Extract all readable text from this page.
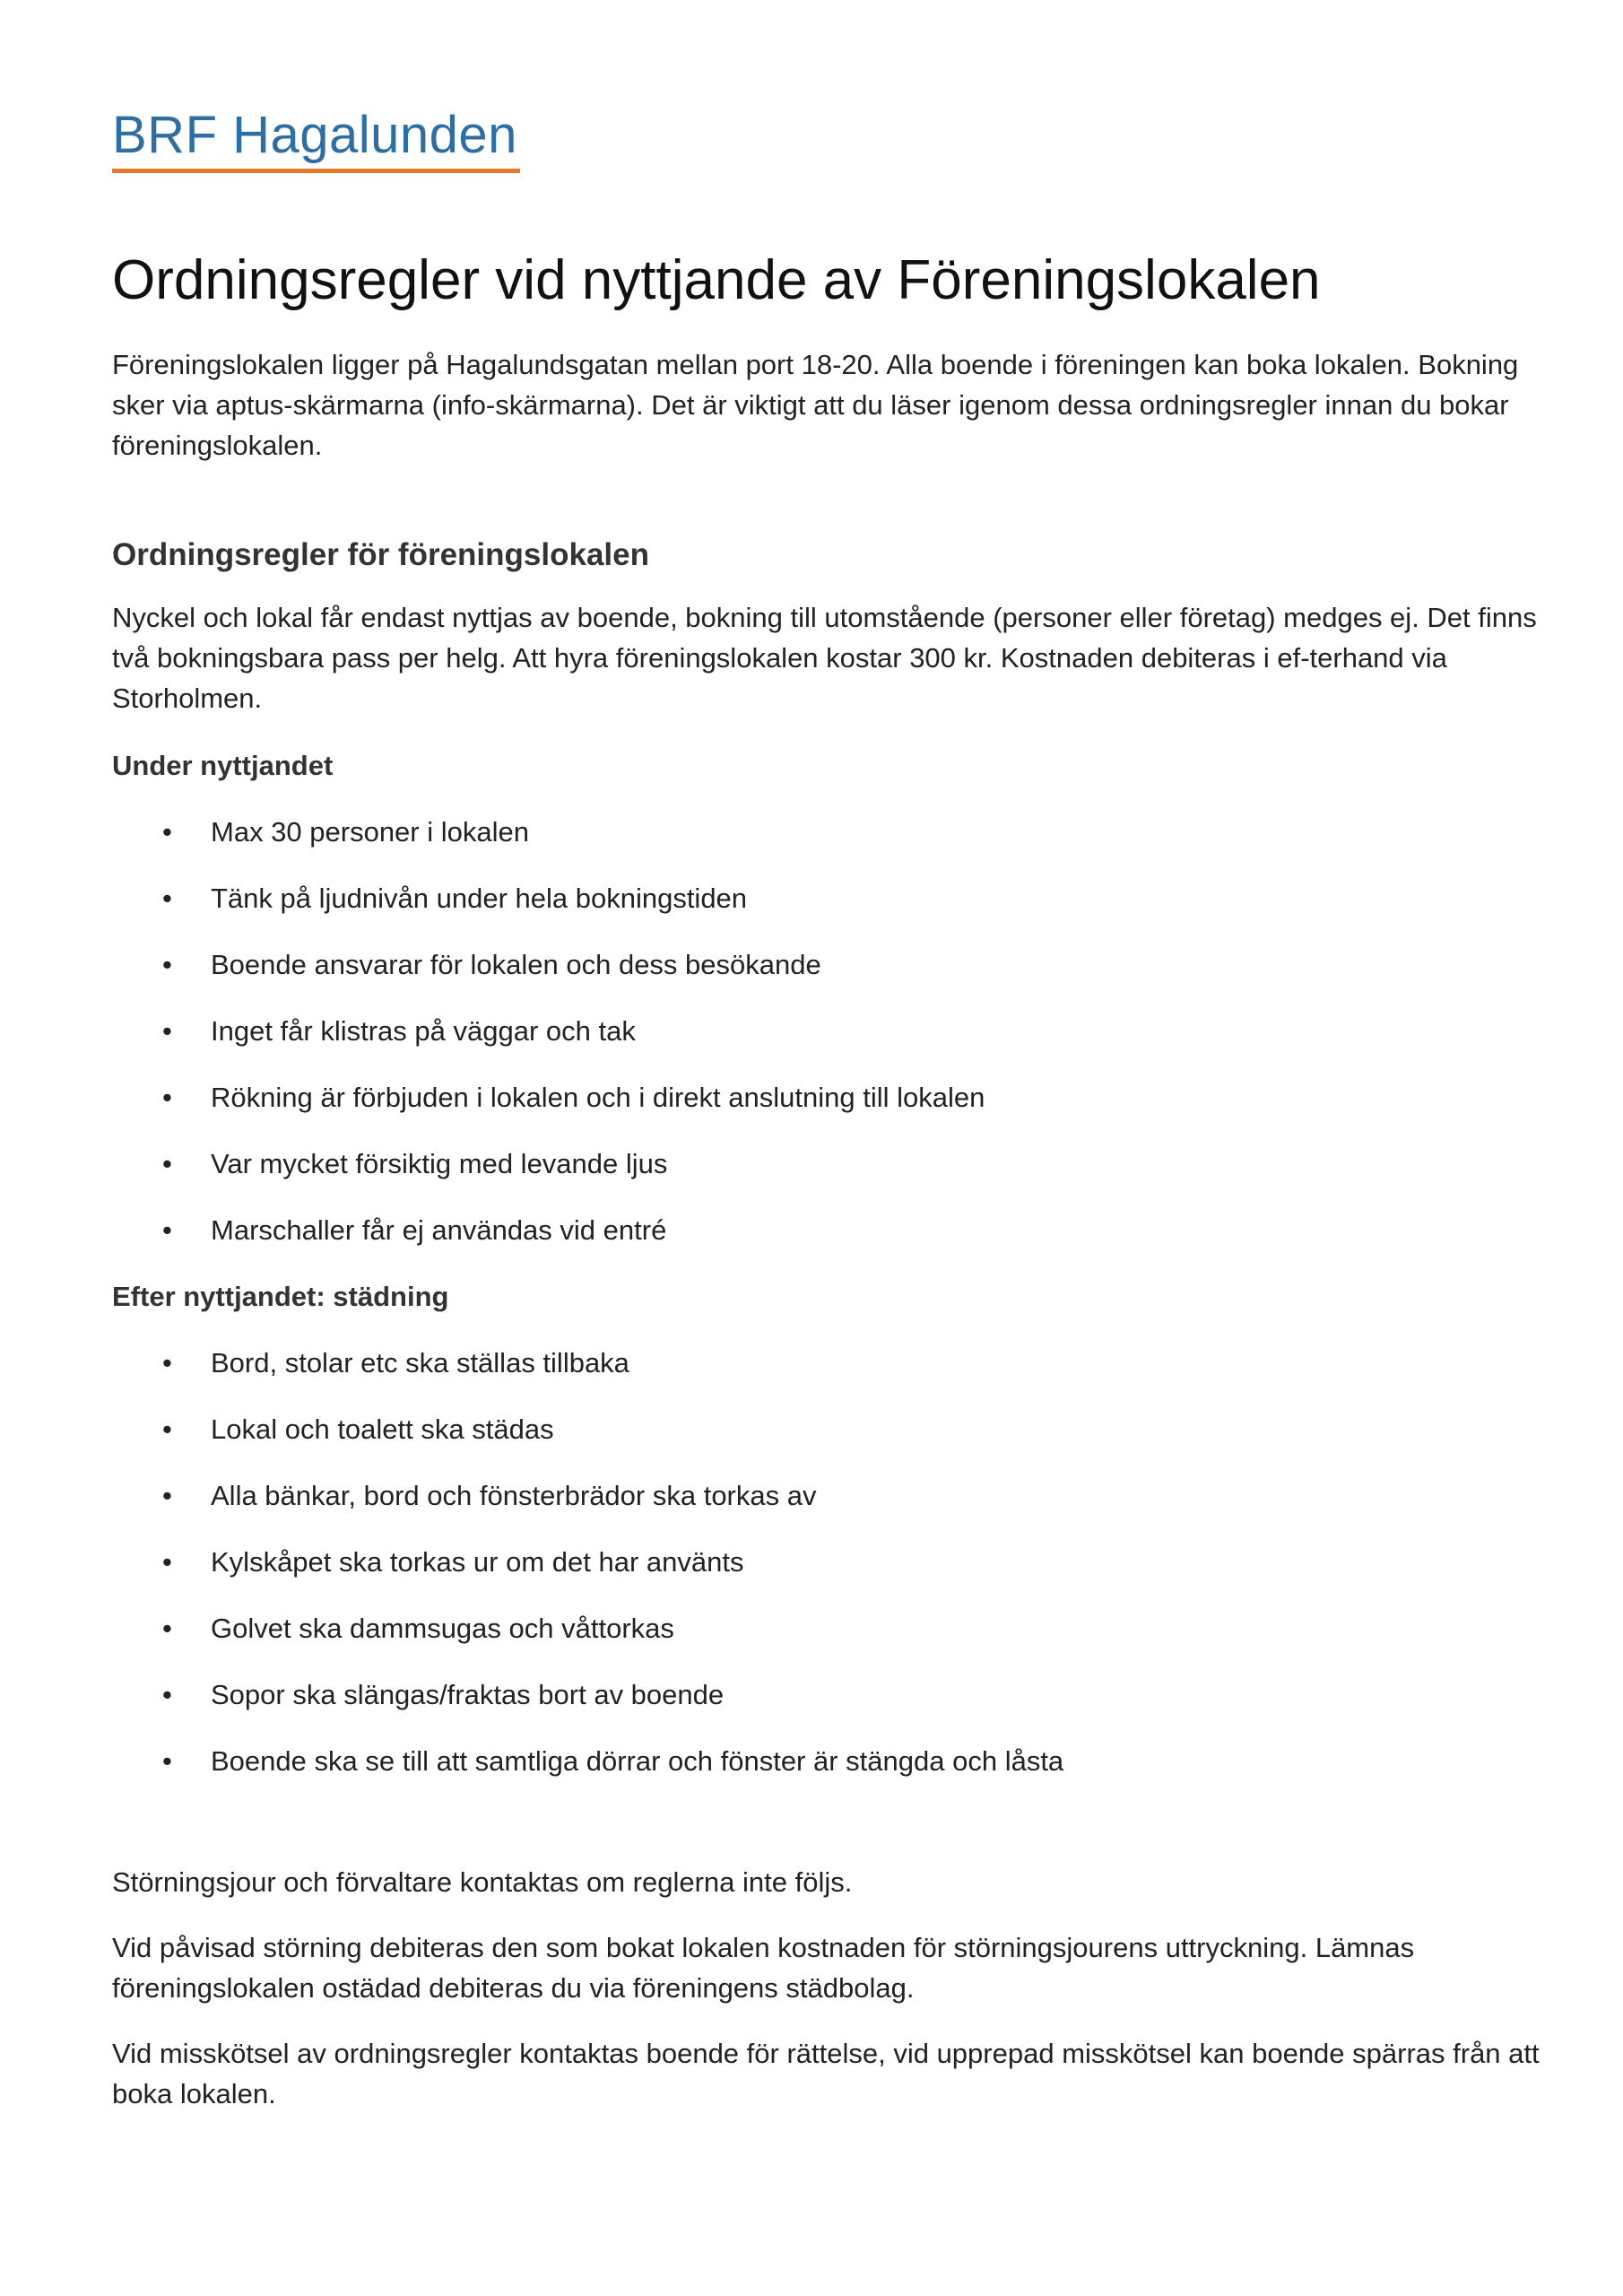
BRF Hagalunden
Ordningsregler vid nyttjande av Föreningslokalen

Föreningslokalen ligger på Hagalundsgatan mellan port 18-20. Alla boende i föreningen kan boka lokalen. Bokning sker via aptus-skärmarna (info-skärmarna). Det är viktigt att du läser igenom dessa ordningsregler innan du bokar föreningslokalen.

Ordningsregler för föreningslokalen

Nyckel och lokal får endast nyttjas av boende, bokning till utomstående (personer eller företag) medges ej. Det finns två bokningsbara pass per helg. Att hyra föreningslokalen kostar 300 kr. Kostnaden debiteras i ef-terhand via Storholmen.

Under nyttjandet

• Max 30 personer i lokalen
• Tänk på ljudnivån under hela bokningstiden
• Boende ansvarar för lokalen och dess besökande
• Inget får klistras på väggar och tak
• Rökning är förbjuden i lokalen och i direkt anslutning till lokalen
• Var mycket försiktig med levande ljus
• Marschaller får ej användas vid entré

Efter nyttjandet: städning

• Bord, stolar etc ska ställas tillbaka
• Lokal och toalett ska städas
• Alla bänkar, bord och fönsterbrädor ska torkas av
• Kylskåpet ska torkas ur om det har använts
• Golvet ska dammsugas och våttorkas
• Sopor ska slängas/fraktas bort av boende
• Boende ska se till att samtliga dörrar och fönster är stängda och låsta

Störningsjour och förvaltare kontaktas om reglerna inte följs.

Vid påvisad störning debiteras den som bokat lokalen kostnaden för störningsjourens uttryckning. Lämnas föreningslokalen ostädad debiteras du via föreningens städbolag.

Vid misskötsel av ordningsregler kontaktas boende för rättelse, vid upprepad misskötsel kan boende spärras från att boka lokalen.
